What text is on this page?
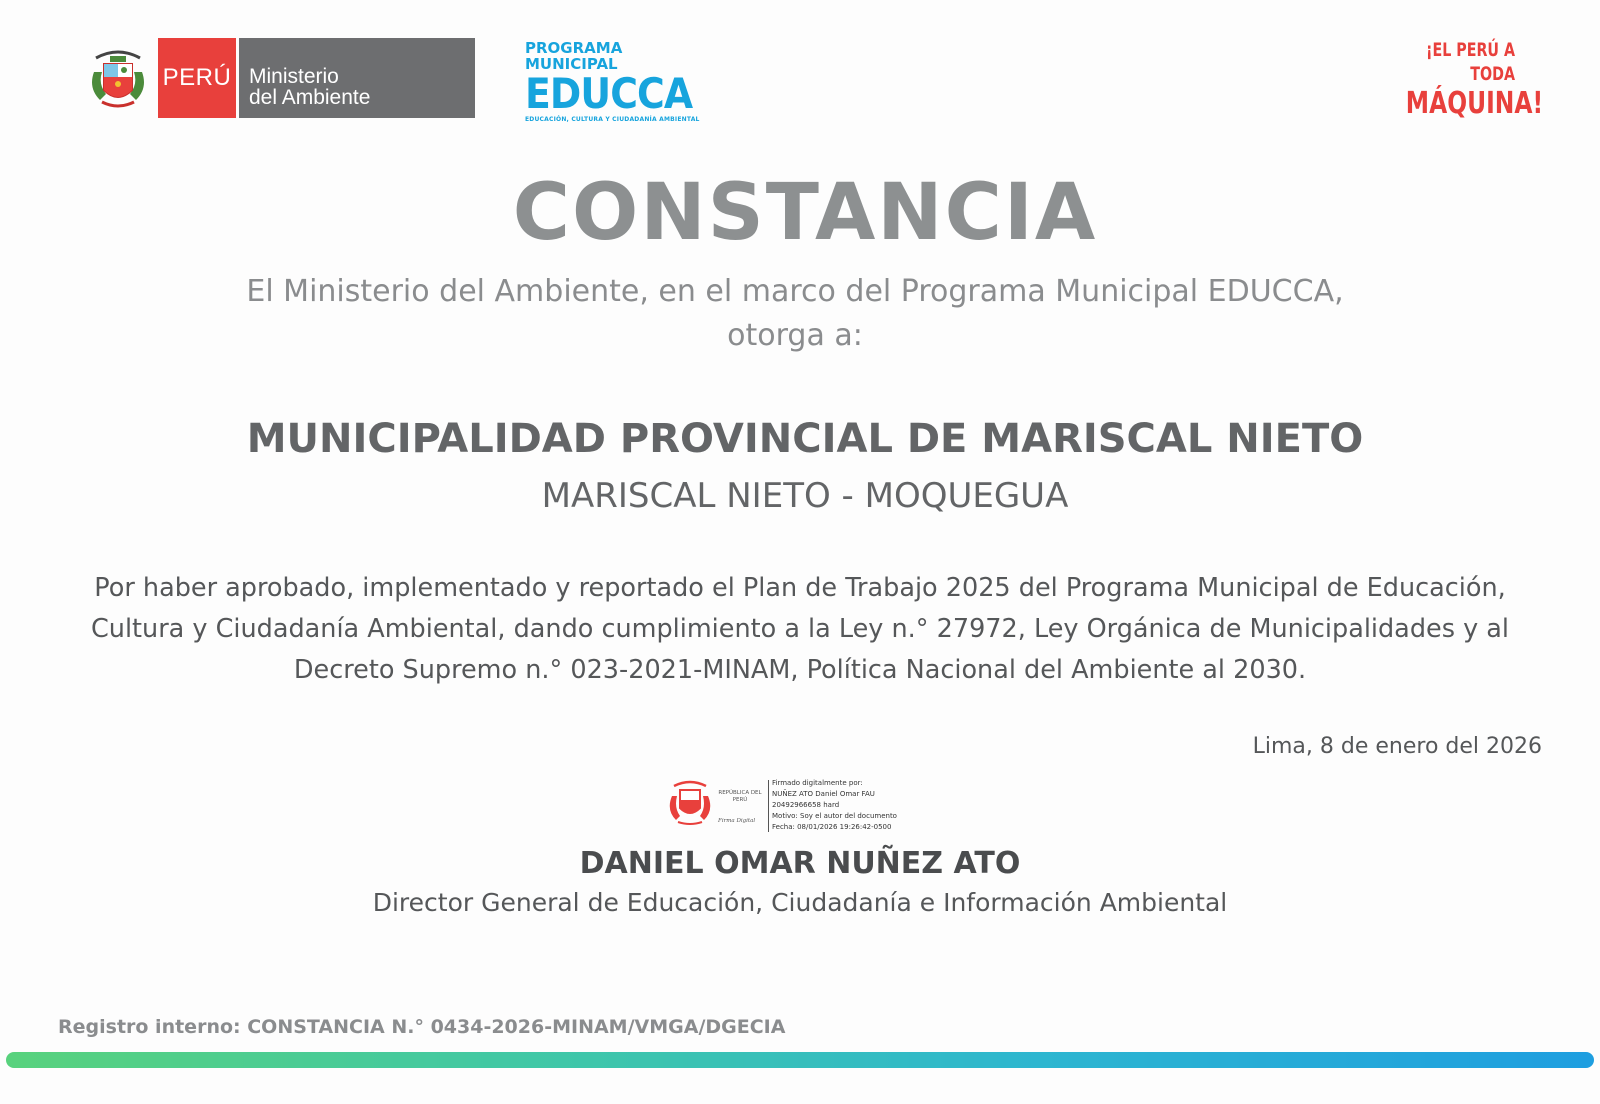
PERÚ Ministerio
del Ambiente
PROGRAMA MUNICIPAL
EDUCCA
EDUCACIÓN, CULTURA Y CIUDADANÍA AMBIENTAL
¡EL PERÚ A TODA
MÁQUINA!
CONSTANCIA
El Ministerio del Ambiente, en el marco del Programa Municipal EDUCCA, otorga a:
MUNICIPALIDAD PROVINCIAL DE MARISCAL NIETO
MARISCAL NIETO - MOQUEGUA
Por haber aprobado, implementado y reportado el Plan de Trabajo 2025 del Programa Municipal de Educación, Cultura y Ciudadanía Ambiental, dando cumplimiento a la Ley n.° 27972, Ley Orgánica de Municipalidades y al Decreto Supremo n.° 023-2021-MINAM, Política Nacional del Ambiente al 2030.
Lima, 8 de enero del 2026
REPÚBLICA DEL PERÚ
Firma Digital
Firmado digitalmente por:
NUÑEZ ATO Daniel Omar FAU
20492966658 hard
Motivo: Soy el autor del documento
Fecha: 08/01/2026 19:26:42-0500
DANIEL OMAR NUÑEZ ATO
Director General de Educación, Ciudadanía e Información Ambiental
Registro interno: CONSTANCIA N.° 0434-2026-MINAM/VMGA/DGECIA
